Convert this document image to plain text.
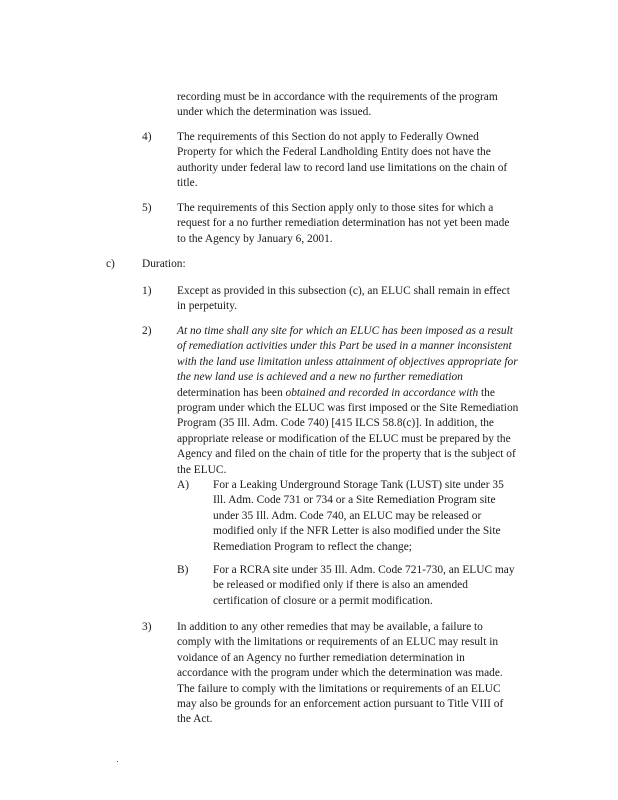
recording must be in accordance with the requirements of the program

under which the determination was issued.

4) The requirements of this Section do not apply to Federally Owned

Property for which the Federal Landholding Entity does not have the

authority under federal law to record land use limitations on the chain of

title.

5) The requirements of this Section apply only to those sites for which a

request for a no further remediation determination has not yet been made

to the Agency by January 6, 2001.

c) Duration:
1) Except as provided in this subsection (c), an ELUC shall remain in effect

in perpetuity.

2) At no time shall any site for which an ELUC has been imposed as a result

of remediation activities under this Part be used in a manner inconsistent

with the land use limitation unless attainment of objectives appropriate for

the new land use is achieved and a new no further remediation

determination has been obtained and recorded in accordance with the

program under which the ELUC was first imposed or the Site Remediation

Program (35 Ill. Adm. Code 740) [415 ILCS 58.8(c)]. In addition, the

appropriate release or modification of the ELUC must be prepared by the

Agency and filed on the chain of title for the property that is the subject of

the ELUC.

A) For a Leaking Underground Storage Tank (LUST) site under 35

Ill. Adm. Code 731 or 734 or a Site Remediation Program site

under 35 Ill. Adm. Code 740, an ELUC may be released or

modified only if the NFR Letter is also modified under the Site

Remediation Program to reflect the change;

B) For a RCRA site under 35 Ill. Adm. Code 721-730, an ELUC may

be released or modified only if there is also an amended

certification of closure or a permit modification.

3) In addition to any other remedies that may be available, a failure to

comply with the limitations or requirements of an ELUC may result in

voidance of an Agency no further remediation determination in

accordance with the program under which the determination was made.

The failure to comply with the limitations or requirements of an ELUC

may also be grounds for an enforcement action pursuant to Title VIII of

the Act.
